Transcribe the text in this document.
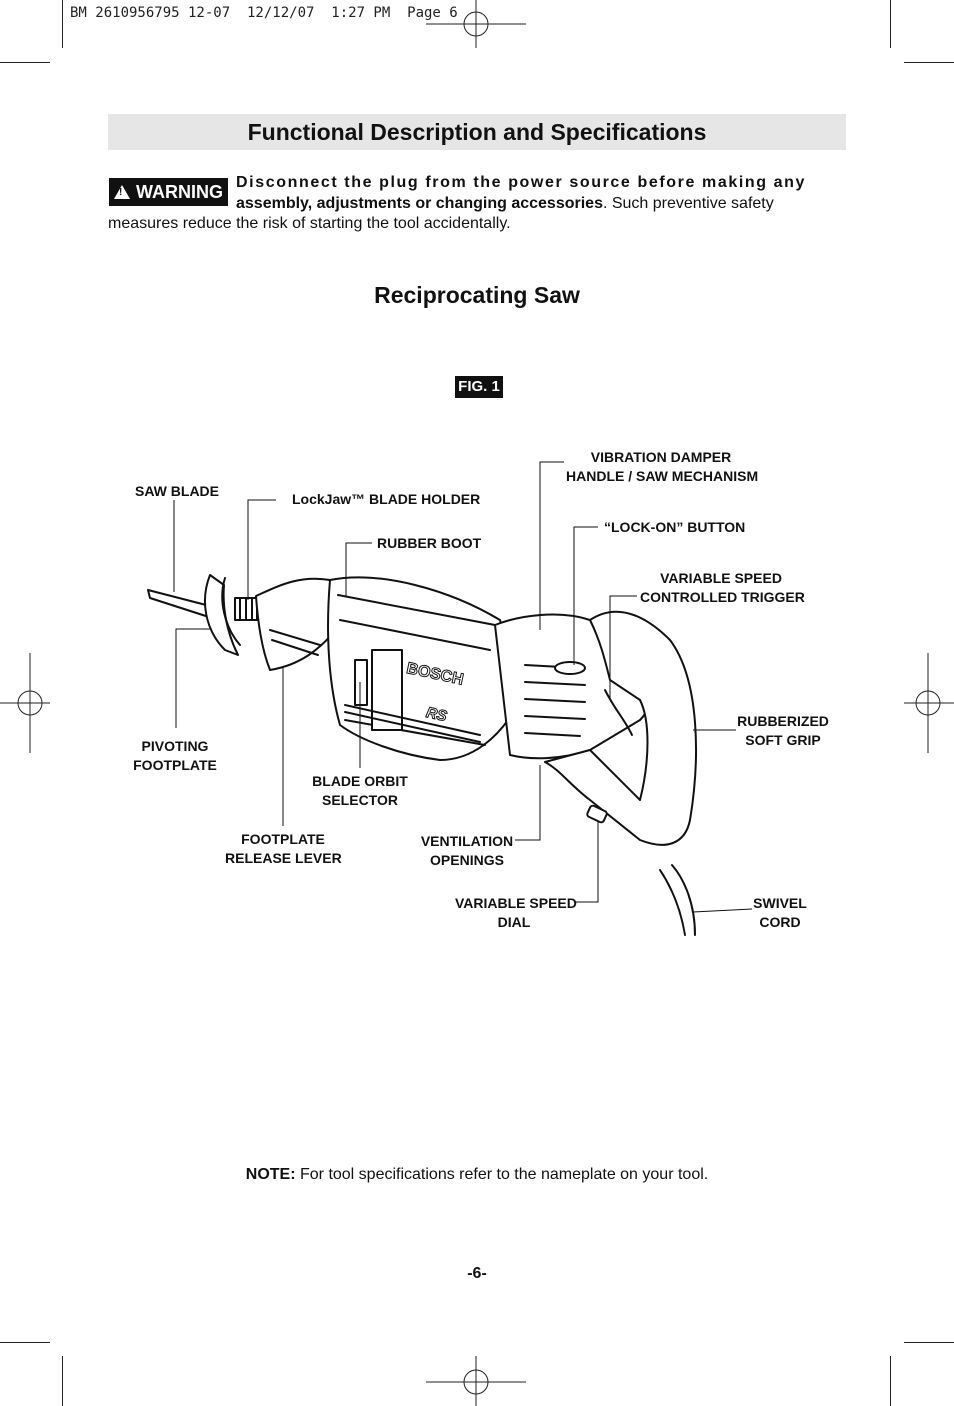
BM 2610956795 12-07  12/12/07  1:27 PM  Page 6
Functional Description and Specifications
Disconnect the plug from the power source before making any
assembly, adjustments or changing accessories. Such preventive safety
measures reduce the risk of starting the tool accidentally.
! WARNING
Reciprocating Saw
FIG. 1
BOSCH
RS
SAW BLADE	LockJaw™ BLADE HOLDER
RUBBER BOOT
VIBRATION DAMPER
HANDLE / SAW MECHANISM
“LOCK-ON” BUTTON
VARIABLE SPEED
CONTROLLED TRIGGER
RUBBERIZED
SOFT GRIP
PIVOTING
FOOTPLATE
BLADE ORBIT
SELECTOR
FOOTPLATE
RELEASE LEVER
VENTILATION
OPENINGS
VARIABLE SPEED
DIAL
SWIVEL
CORD
NOTE: For tool specifications refer to the nameplate on your tool.
-6-
